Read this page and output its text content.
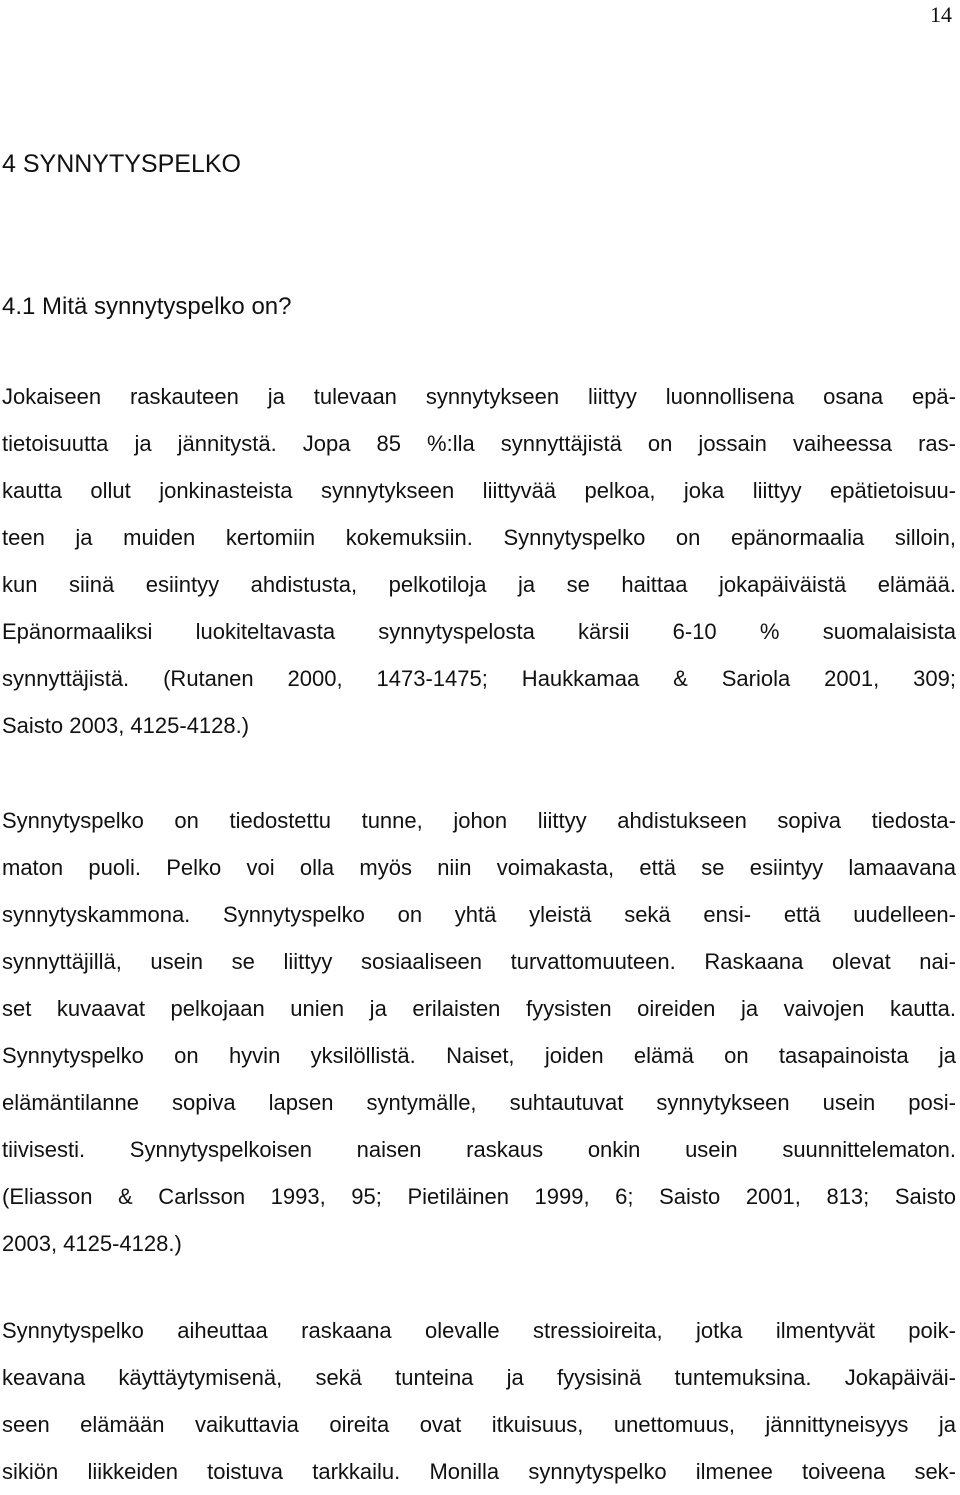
14
4 SYNNYTYSPELKO
4.1 Mitä synnytyspelko on?

Jokaiseen raskauteen ja tulevaan synnytykseen liittyy luonnollisena osana epä-
tietoisuutta ja jännitystä. Jopa 85 %:lla synnyttäjistä on jossain vaiheessa ras-
kautta ollut jonkinasteista synnytykseen liittyvää pelkoa, joka liittyy epätietoisuu-
teen ja muiden kertomiin kokemuksiin. Synnytyspelko on epänormaalia silloin,
kun siinä esiintyy ahdistusta, pelkotiloja ja se haittaa jokapäiväistä elämää.
Epänormaaliksi luokiteltavasta synnytyspelosta kärsii 6-10 % suomalaisista
synnyttäjistä. (Rutanen 2000, 1473-1475; Haukkamaa & Sariola 2001, 309;
Saisto 2003, 4125-4128.)

Synnytyspelko on tiedostettu tunne, johon liittyy ahdistukseen sopiva tiedosta-
maton puoli. Pelko voi olla myös niin voimakasta, että se esiintyy lamaavana
synnytyskammona. Synnytyspelko on yhtä yleistä sekä ensi- että uudelleen-
synnyttäjillä, usein se liittyy sosiaaliseen turvattomuuteen. Raskaana olevat nai-
set kuvaavat pelkojaan unien ja erilaisten fyysisten oireiden ja vaivojen kautta.
Synnytyspelko on hyvin yksilöllistä. Naiset, joiden elämä on tasapainoista ja
elämäntilanne sopiva lapsen syntymälle, suhtautuvat synnytykseen usein posi-
tiivisesti. Synnytyspelkoisen naisen raskaus onkin usein suunnittelematon.
(Eliasson & Carlsson 1993, 95; Pietiläinen 1999, 6; Saisto 2001, 813; Saisto
2003, 4125-4128.)

Synnytyspelko aiheuttaa raskaana olevalle stressioireita, jotka ilmentyvät poik-
keavana käyttäytymisenä, sekä tunteina ja fyysisinä tuntemuksina. Jokapäiväi-
seen elämään vaikuttavia oireita ovat itkuisuus, unettomuus, jännittyneisyys ja
sikiön liikkeiden toistuva tarkkailu. Monilla synnytyspelko ilmenee toiveena sek-
